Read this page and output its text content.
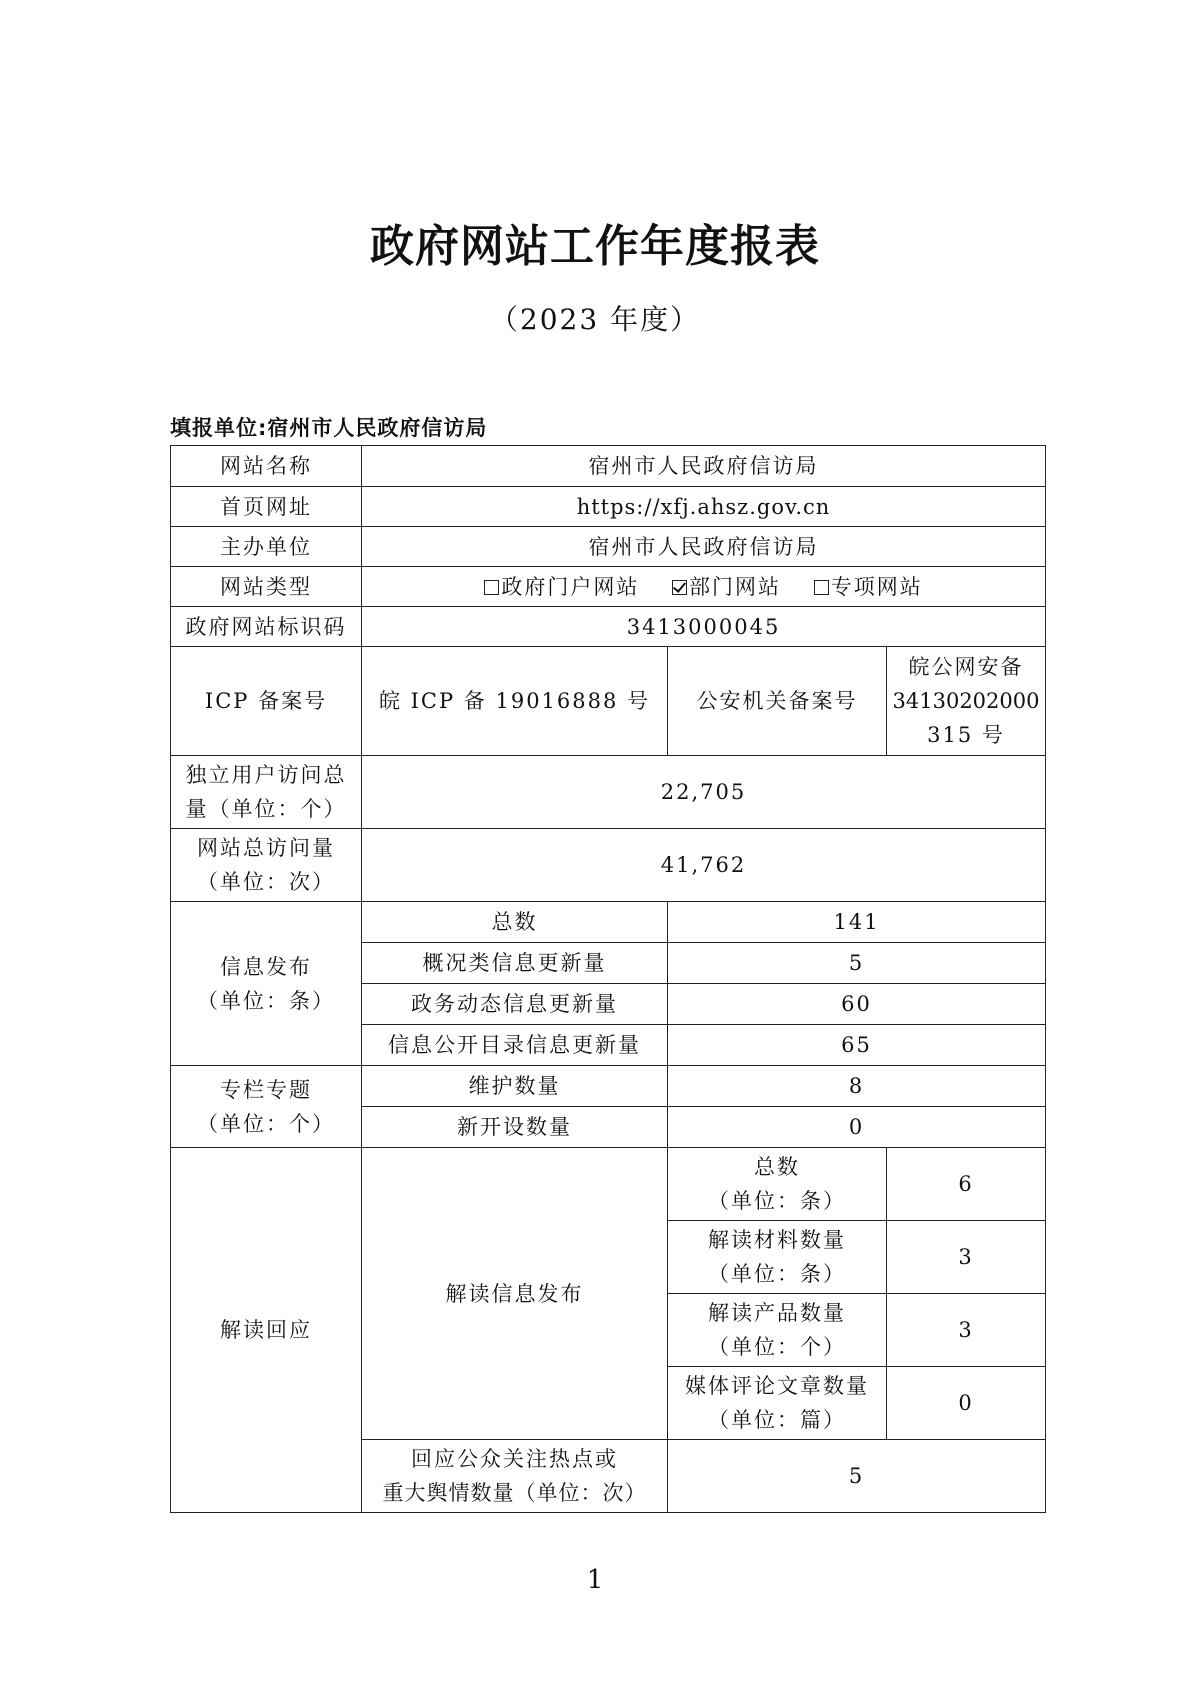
政府网站工作年度报表
（2023 年度）
填报单位:宿州市人民政府信访局
网站名称	宿州市人民政府信访局		
首页网址	https://xfj.ahsz.gov.cn		
主办单位	宿州市人民政府信访局		
网站类型	政府门户网站 部门网站 专项网站		
政府网站标识码	3413000045		
ICP 备案号	皖 ICP 备 19016888 号	公安机关备案号	皖公网安备
34130202000
315 号

独立用户访问总
量（单位：个）	22,705		

网站总访问量
（单位：次）	41,762		

信息发布
（单位：条）	总数	141	
	概况类信息更新量	5	
	政务动态信息更新量	60	
	信息公开目录信息更新量	65	

专栏专题
（单位：个）	维护数量	8	
	新开设数量	0	
解读回应	解读信息发布	总数
（单位：条）	6

		解读材料数量
（单位：条）	3

		解读产品数量
（单位：个）	3

		媒体评论文章数量
（单位：篇）	0

	回应公众关注热点或
重大舆情数量（单位：次）	5	
1
